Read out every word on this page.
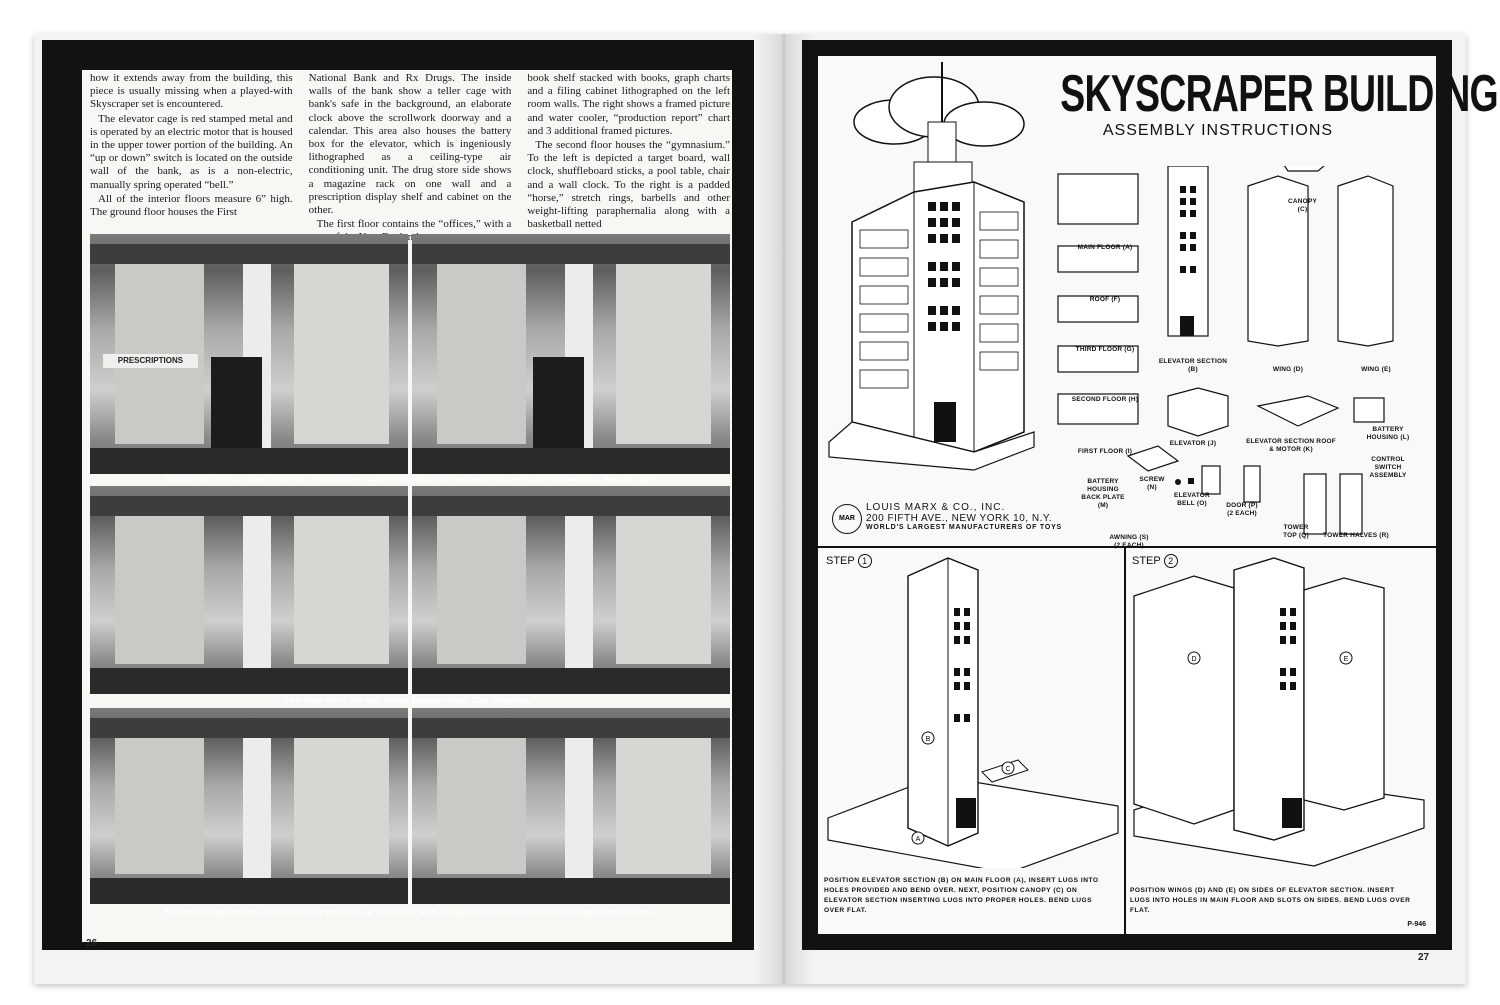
how it extends away from the building, this piece is usually missing when a played-with Skyscraper set is encountered.

The elevator cage is red stamped metal and is operated by an electric motor that is housed in the upper tower portion of the building. An “up or down” switch is located on the outside wall of the bank, as is a non-electric, manually spring operated “bell.”

All of the interior floors measure 6” high. The ground floor houses the First

National Bank and Rx Drugs. The inside walls of the bank show a teller cage with bank's safe in the background, an elaborate clock above the scrollwork doorway and a calendar. This area also houses the battery box for the elevator, which is ingeniously lithographed as a ceiling-type air conditioning unit. The drug store side shows a magazine rack on one wall and a prescription display shelf and cabinet on the other.

The first floor contains the “offices,” with a

book shelf stacked with books, graph charts and a filing cabinet lithographed on the left room walls. The right shows a framed picture and water cooler, “production report” chart and 3 additional framed pictures.

The second floor houses the “gymnasium.” To the left is depicted a target board, wall clock, shuffleboard sticks, a pool table, chair and a wall clock. To the right is a padded “horse,” stretch rings, barbells and other weight-lifting paraphernalia along with a basketball netted

PRESCRIPTIONS
Ground floor, interior views: note the air conditioner battery cover and bell mechanism on the inside bank wall and elevator cage.
First floor office: the map of New England reads, “Our Salesmen.”
Second floor gymnasium: the floor is lithographed in a ‘wood-look’ with shuffleboard triangle & basketball center court markings.
26
SKYSCRAPER BUILDING
ASSEMBLY INSTRUCTIONS
CANOPY
(C)
MAIN FLOOR (A)
ROOF (F)
THIRD FLOOR (G)
SECOND FLOOR (H)
FIRST FLOOR (I)
ELEVATOR SECTION (B)	WING (D)	WING (E)
ELEVATOR (J)	ELEVATOR SECTION ROOF & MOTOR (K)
BATTERY HOUSING (L)
CONTROL SWITCH ASSEMBLY
BATTERY HOUSING BACK PLATE (M)
SCREW (N)
ELEVATOR BELL (O)	DOOR (P)
(2 EACH)
TOWER TOP (Q)	TOWER HALVES (R)
AWNING (S)
(2 EACH)
MAR
LOUIS MARX & CO., INC.
200 FIFTH AVE., NEW YORK 10, N.Y.
WORLD'S LARGEST MANUFACTURERS OF TOYS
STEP 1
B
C
A
POSITION ELEVATOR SECTION (B) ON MAIN FLOOR (A), INSERT LUGS INTO HOLES PROVIDED AND BEND OVER. NEXT, POSITION CANOPY (C) ON ELEVATOR SECTION INSERTING LUGS INTO PROPER HOLES. BEND LUGS OVER FLAT.
STEP 2
D	E
POSITION WINGS (D) AND (E) ON SIDES OF ELEVATOR SECTION. INSERT LUGS INTO HOLES IN MAIN FLOOR AND SLOTS ON SIDES. BEND LUGS OVER FLAT.
P-946
27
